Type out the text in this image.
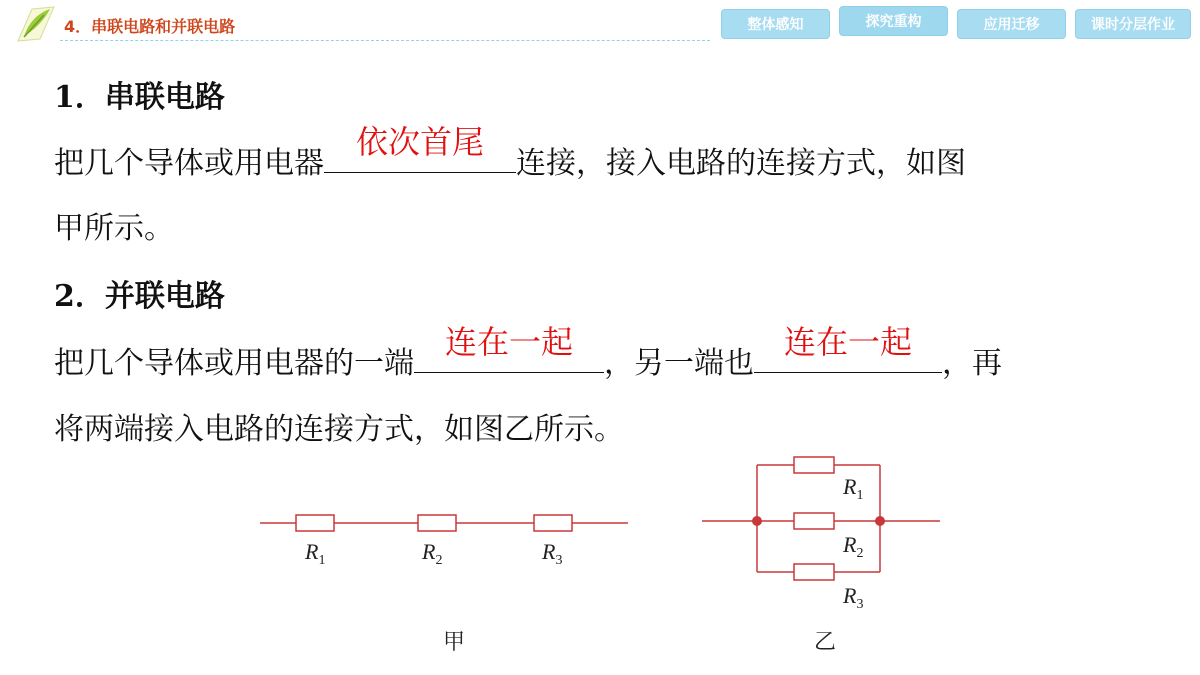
4．串联电路和并联电路	整体感知	探究重构	应用迁移	课时分层作业
1．串联电路
把几个导体或用电器
依次首尾
连接，接入电路的连接方式，如图
甲所示。
2．并联电路
把几个导体或用电器的一端
连在一起
，另一端也
连在一起
，再
将两端接入电路的连接方式，如图乙所示。
$R_1$	$R_2$	$R_3$
$R_1$
$R_2$
$R_3$
甲	乙
